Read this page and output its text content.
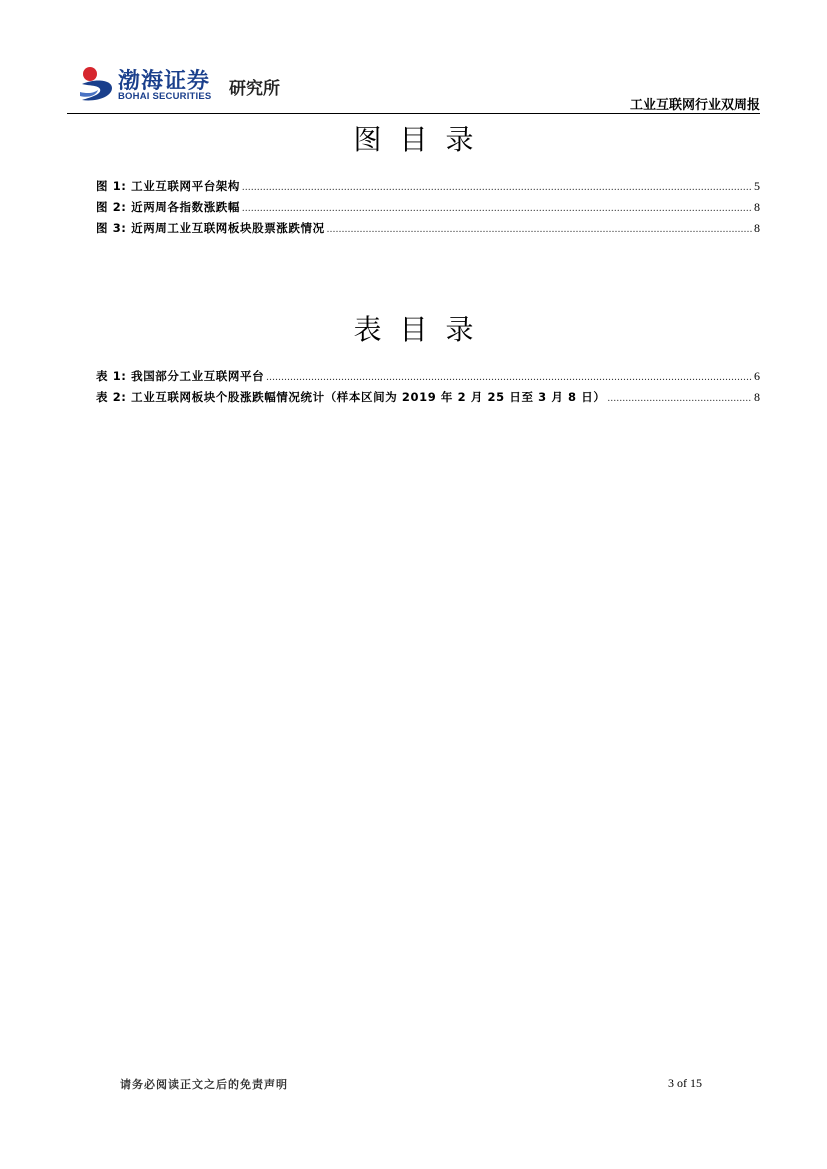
渤海证券
BOHAI SECURITIES 研究所
工业互联网行业双周报
图目录
图 1: 工业互联网平台架构 .....	5
图 2: 近两周各指数涨跌幅 .....	8
图 3: 近两周工业互联网板块股票涨跌情况 .....	8
表目录
表 1: 我国部分工业互联网平台 .....	6
表 2: 工业互联网板块个股涨跌幅情况统计（样本区间为 2019 年 2 月 25 日至 3 月 8 日） .....	8
请务必阅读正文之后的免责声明	3 of 15
